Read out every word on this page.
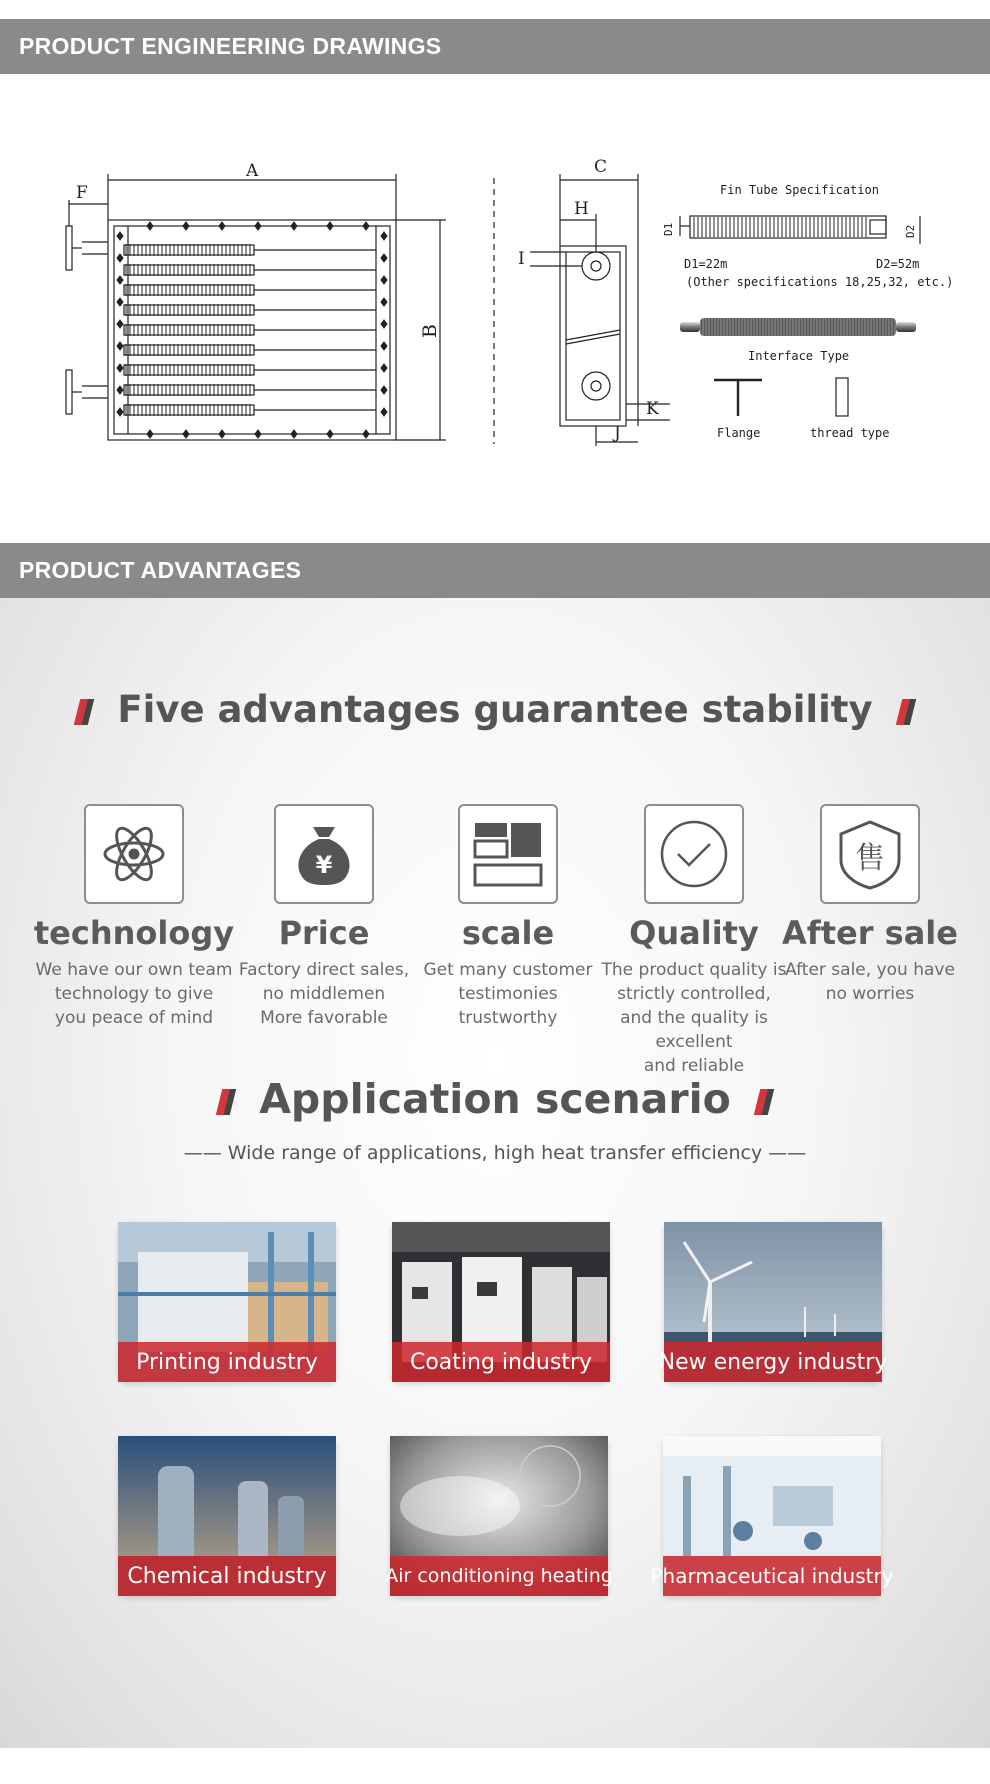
PRODUCT ENGINEERING DRAWINGS
A
F
C
H
I
J
K
B
Fin Tube Specification
D1	D2
D1=22m	D2=52m
(Other specifications 18,25,32, etc.)
Interface Type
Flange	thread type
PRODUCT ADVANTAGES
Five advantages guarantee stability
technology
We have our own team
technology to give
you peace of mind
¥
Price
Factory direct sales,
no middlemen
More favorable
scale
Get many customer
testimonies
trustworthy
Quality
The product quality is
strictly controlled,
and the quality is excellent
and reliable
售
After sale
After sale, you have
no worries
Application scenario
—— Wide range of applications, high heat transfer efficiency ——
Printing industry	Coating industry	New energy industry
Chemical industry	Air conditioning heating Pharmaceutical industry
